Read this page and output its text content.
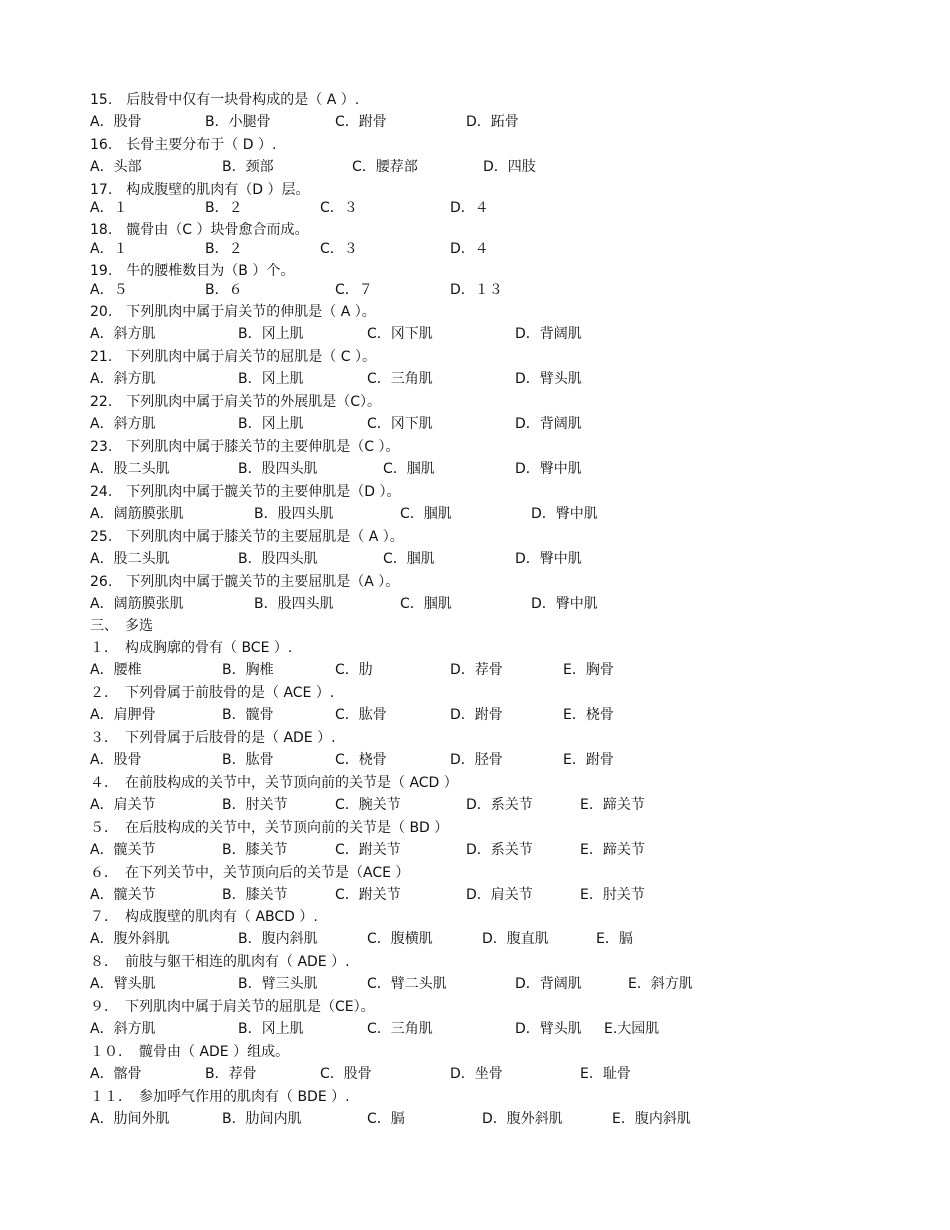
15.　后肢骨中仅有一块骨构成的是（ A ）.
A．股骨	B．小腿骨	C．跗骨	D．跖骨
16.　长骨主要分布于（ D ）.
A．头部	B．颈部	C．腰荐部	D．四肢
17.　构成腹壁的肌肉有（D ）层。
A．１	B．２	C．３	D．４
18.　髋骨由（C ）块骨愈合而成。
A．１	B．２	C．３	D．４
19.　牛的腰椎数目为（B ）个。
A．５	B．６	C．７	D．１３
20.　下列肌肉中属于肩关节的伸肌是（ A ）。
A．斜方肌	B．冈上肌	C．冈下肌	D．背阔肌
21.　下列肌肉中属于肩关节的屈肌是（ C ）。
A．斜方肌	B．冈上肌	C．三角肌	D．臂头肌
22.　下列肌肉中属于肩关节的外展肌是（C）。
A．斜方肌	B．冈上肌	C．冈下肌	D．背阔肌
23.　下列肌肉中属于膝关节的主要伸肌是（C ）。
A．股二头肌	B．股四头肌	C．腘肌	D．臀中肌
24.　下列肌肉中属于髋关节的主要伸肌是（D ）。
A．阔筋膜张肌	B．股四头肌	C．腘肌	D．臀中肌
25.　下列肌肉中属于膝关节的主要屈肌是（ A ）。
A．股二头肌	B．股四头肌	C．腘肌	D．臀中肌
26.　下列肌肉中属于髋关节的主要屈肌是（A ）。
A．阔筋膜张肌	B．股四头肌	C．腘肌	D．臀中肌
三、　多选
１．　构成胸廓的骨有（ BCE ）.
A．腰椎	B．胸椎	C．肋	D．荐骨	E．胸骨
２．　下列骨属于前肢骨的是（ ACE ）.
A．肩胛骨	B．髋骨	C．肱骨	D．跗骨	E．桡骨
３．　下列骨属于后肢骨的是（ ADE ）.
A．股骨	B．肱骨	C．桡骨	D．胫骨	E．跗骨
４．　在前肢构成的关节中，关节顶向前的关节是（ ACD ）
A．肩关节	B．肘关节	C．腕关节	D．系关节	E．蹄关节
５．　在后肢构成的关节中，关节顶向前的关节是（ BD ）
A．髋关节	B．膝关节	C．跗关节	D．系关节	E．蹄关节
６．　在下列关节中，关节顶向后的关节是（ACE ）
A．髋关节	B．膝关节	C．跗关节	D．肩关节	E．肘关节
７．　构成腹壁的肌肉有（ ABCD ）.
A．腹外斜肌	B．腹内斜肌	C．腹横肌	D．腹直肌	E．膈
８．　前肢与躯干相连的肌肉有（ ADE ）.
A．臂头肌	B．臂三头肌	C．臂二头肌	D．背阔肌	E．斜方肌
９．　下列肌肉中属于肩关节的屈肌是（CE）。
A．斜方肌	B．冈上肌	C．三角肌	D．臂头肌 E.大园肌
１０．　髋骨由（ ADE ）组成。
A．髂骨	B．荐骨	C．股骨	D．坐骨	E．耻骨
１１．　参加呼气作用的肌肉有（ BDE ）.
A．肋间外肌	B．肋间内肌	C．膈	D．腹外斜肌	E．腹内斜肌
